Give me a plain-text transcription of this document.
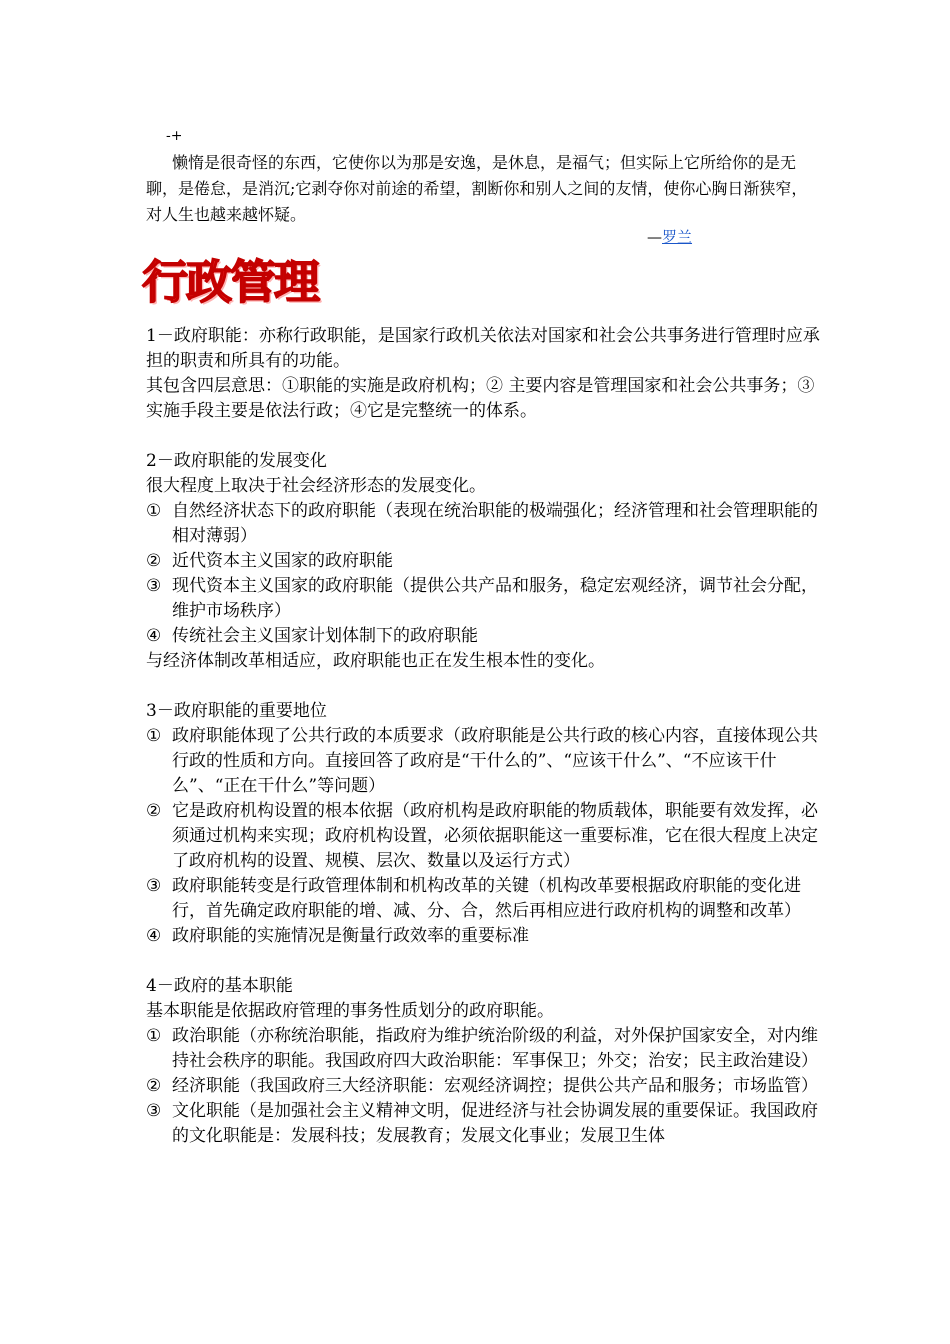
-+

懒惰是很奇怪的东西，它使你以为那是安逸，是休息，是福气；但实际上它所给你的是无聊，是倦怠，是消沉;它剥夺你对前途的希望，割断你和别人之间的友情，使你心胸日渐狭窄，对人生也越来越怀疑。

—罗兰
行政管理

1－政府职能：亦称行政职能，是国家行政机关依法对国家和社会公共事务进行管理时应承担的职责和所具有的功能。

其包含四层意思：①职能的实施是政府机构；② 主要内容是管理国家和社会公共事务；③实施手段主要是依法行政；④它是完整统一的体系。

2－政府职能的发展变化

很大程度上取决于社会经济形态的发展变化。

① 自然经济状态下的政府职能（表现在统治职能的极端强化；经济管理和社会管理职能的相对薄弱）
② 近代资本主义国家的政府职能
③ 现代资本主义国家的政府职能（提供公共产品和服务，稳定宏观经济，调节社会分配，维护市场秩序）
④ 传统社会主义国家计划体制下的政府职能

与经济体制改革相适应，政府职能也正在发生根本性的变化。

3－政府职能的重要地位

① 政府职能体现了公共行政的本质要求（政府职能是公共行政的核心内容，直接体现公共行政的性质和方向。直接回答了政府是“干什么的”、“应该干什么”、“不应该干什么”、“正在干什么”等问题）
② 它是政府机构设置的根本依据（政府机构是政府职能的物质载体，职能要有效发挥，必须通过机构来实现；政府机构设置，必须依据职能这一重要标准，它在很大程度上决定了政府机构的设置、规模、层次、数量以及运行方式）
③ 政府职能转变是行政管理体制和机构改革的关键（机构改革要根据政府职能的变化进行，首先确定政府职能的增、减、分、合，然后再相应进行政府机构的调整和改革）
④ 政府职能的实施情况是衡量行政效率的重要标准

4－政府的基本职能

基本职能是依据政府管理的事务性质划分的政府职能。

① 政治职能（亦称统治职能，指政府为维护统治阶级的利益，对外保护国家安全，对内维持社会秩序的职能。我国政府四大政治职能：军事保卫；外交；治安；民主政治建设）
② 经济职能（我国政府三大经济职能：宏观经济调控；提供公共产品和服务；市场监管）
③ 文化职能（是加强社会主义精神文明，促进经济与社会协调发展的重要保证。我国政府的文化职能是：发展科技；发展教育；发展文化事业；发展卫生体
